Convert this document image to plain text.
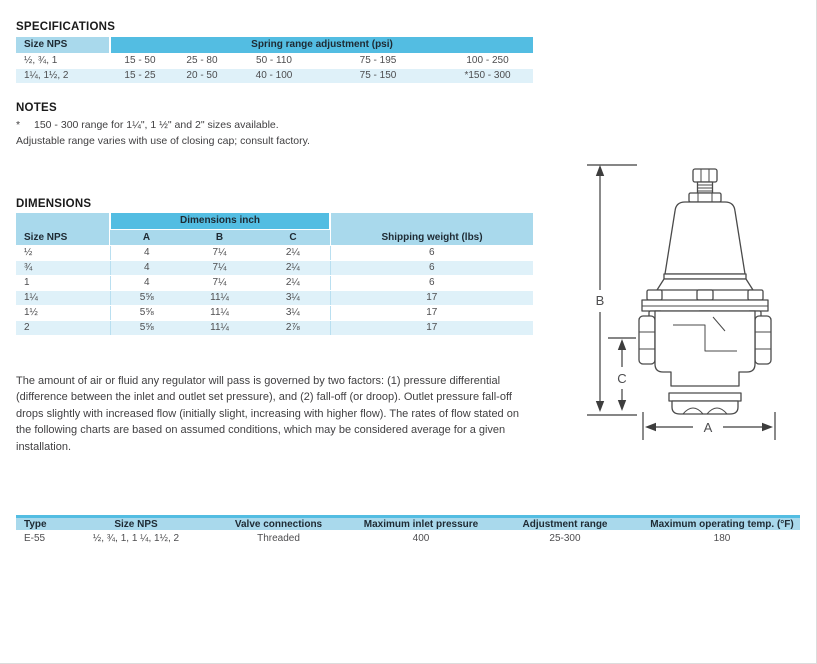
SPECIFICATIONS
Size NPS	Spring range adjustment (psi)				
½, ¾, 1	15 - 50	25 - 80	50 - 110	75 - 195	100 - 250
1¼, 1½, 2	15 - 25	20 - 50	40 - 100	75 - 150	*150 - 300
NOTES
*	150 - 300 range for 1¼", 1 ½" and 2" sizes available.
Adjustable range varies with use of closing cap; consult factory.
DIMENSIONS
Size NPS	Dimensions inch			Shipping weight (lbs)
	A	B	C	
½	4	7¼	2¼	6
¾	4	7¼	2¼	6
1	4	7¼	2¼	6
1¼	5⅝	11¼	3¼	17
1½	5⅝	11¼	3¼	17
2	5⅝	11¼	2⅞	17

The amount of air or fluid any regulator will pass is governed by two factors: (1) pressure differential (difference between the inlet and outlet set pressure), and (2) fall-off (or droop). Outlet pressure fall-off drops slightly with increased flow (initially slight, increasing with higher flow). The rates of flow stated on the following charts are based on assumed conditions, which may be considered average for a given installation.

B
C
A
Type	Size NPS	Valve connections	Maximum inlet pressure	Adjustment range	Maximum operating temp. (°F)
E-55	½, ¾, 1, 1 ¼, 1½, 2	Threaded	400	25-300	180
